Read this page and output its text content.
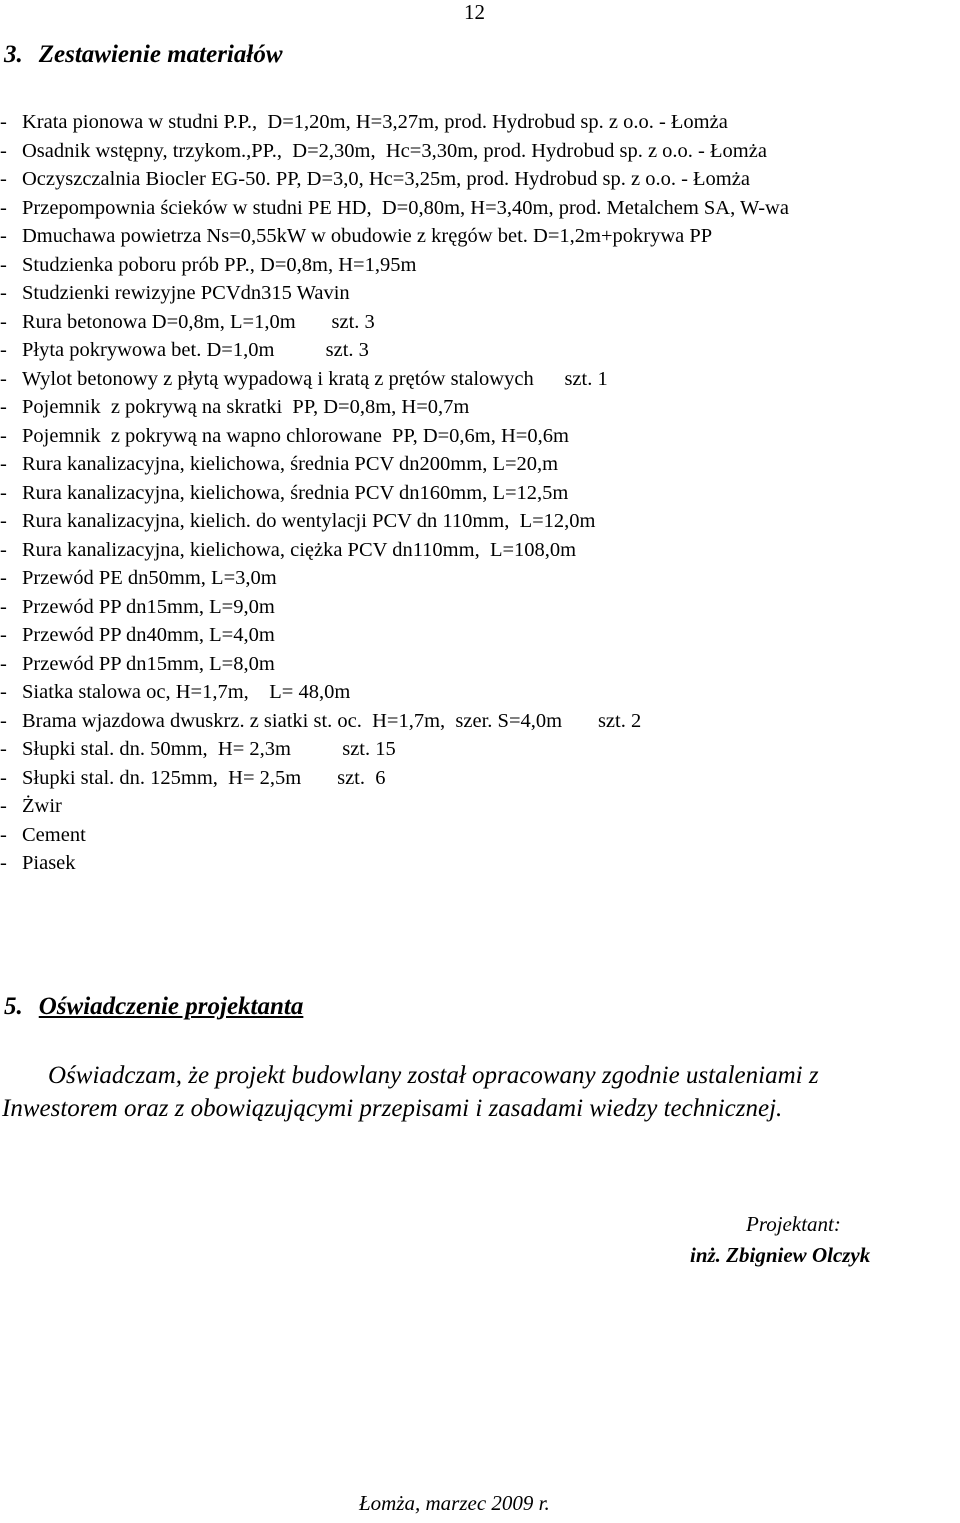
12
3. Zestawienie materiałów
- Krata pionowa w studni P.P.,  D=1,20m, H=3,27m, prod. Hydrobud sp. z o.o. - Łomża
- Osadnik wstępny, trzykom.,PP.,  D=2,30m,  Hc=3,30m, prod. Hydrobud sp. z o.o. - Łomża
- Oczyszczalnia Biocler EG-50. PP, D=3,0, Hc=3,25m, prod. Hydrobud sp. z o.o. - Łomża
- Przepompownia ścieków w studni PE HD,  D=0,80m, H=3,40m, prod. Metalchem SA, W-wa
- Dmuchawa powietrza Ns=0,55kW w obudowie z kręgów bet. D=1,2m+pokrywa PP
- Studzienka poboru prób PP., D=0,8m, H=1,95m
- Studzienki rewizyjne PCVdn315 Wavin
- Rura betonowa D=0,8m, L=1,0m       szt. 3
- Płyta pokrywowa bet. D=1,0m          szt. 3
- Wylot betonowy z płytą wypadową i kratą z prętów stalowych      szt. 1
- Pojemnik  z pokrywą na skratki  PP, D=0,8m, H=0,7m
- Pojemnik  z pokrywą na wapno chlorowane  PP, D=0,6m, H=0,6m
- Rura kanalizacyjna, kielichowa, średnia PCV dn200mm, L=20,m
- Rura kanalizacyjna, kielichowa, średnia PCV dn160mm, L=12,5m
- Rura kanalizacyjna, kielich. do wentylacji PCV dn 110mm,  L=12,0m
- Rura kanalizacyjna, kielichowa, ciężka PCV dn110mm,  L=108,0m
- Przewód PE dn50mm, L=3,0m
- Przewód PP dn15mm, L=9,0m
- Przewód PP dn40mm, L=4,0m
- Przewód PP dn15mm, L=8,0m
- Siatka stalowa oc, H=1,7m,    L= 48,0m
- Brama wjazdowa dwuskrz. z siatki st. oc.  H=1,7m,  szer. S=4,0m       szt. 2
- Słupki stal. dn. 50mm,  H= 2,3m          szt. 15
- Słupki stal. dn. 125mm,  H= 2,5m       szt.  6
- Żwir
- Cement
- Piasek
5. Oświadczenie projektanta

Oświadczam, że projekt budowlany został opracowany zgodnie ustaleniami z
Inwestorem oraz z obowiązującymi przepisami i zasadami wiedzy technicznej.

Projektant:
inż. Zbigniew Olczyk
Łomża, marzec 2009 r.
